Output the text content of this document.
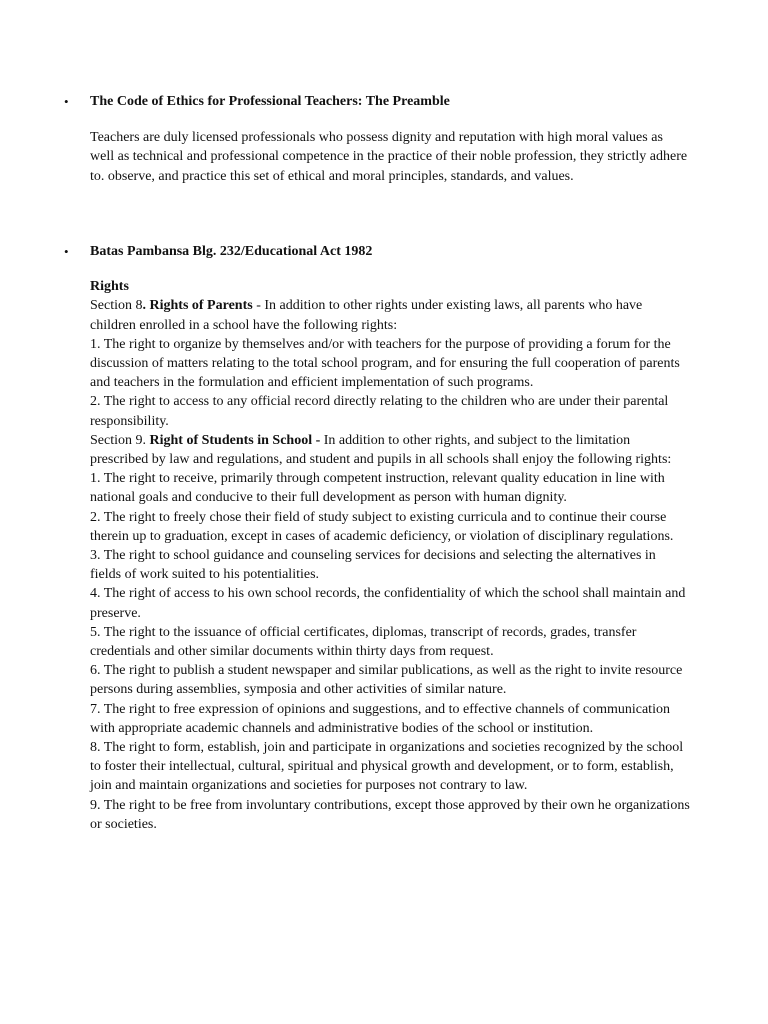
• The Code of Ethics for Professional Teachers: The Preamble

Teachers are duly licensed professionals who possess dignity and reputation with high moral values as well as technical and professional competence in the practice of their noble profession, they strictly adhere to. observe, and practice this set of ethical and moral principles, standards, and values.

• Batas Pambansa Blg. 232/Educational Act 1982

Rights

Section 8. Rights of Parents - In addition to other rights under existing laws, all parents who have children enrolled in a school have the following rights:

1. The right to organize by themselves and/or with teachers for the purpose of providing a forum for the discussion of matters relating to the total school program, and for ensuring the full cooperation of parents and teachers in the formulation and efficient implementation of such programs.

2. The right to access to any official record directly relating to the children who are under their parental responsibility.

Section 9. Right of Students in School - In addition to other rights, and subject to the limitation prescribed by law and regulations, and student and pupils in all schools shall enjoy the following rights:

1. The right to receive, primarily through competent instruction, relevant quality education in line with national goals and conducive to their full development as person with human dignity.

2. The right to freely chose their field of study subject to existing curricula and to continue their course therein up to graduation, except in cases of academic deficiency, or violation of disciplinary regulations.

3. The right to school guidance and counseling services for decisions and selecting the alternatives in fields of work suited to his potentialities.

4. The right of access to his own school records, the confidentiality of which the school shall maintain and preserve.

5. The right to the issuance of official certificates, diplomas, transcript of records, grades, transfer credentials and other similar documents within thirty days from request.

6. The right to publish a student newspaper and similar publications, as well as the right to invite resource persons during assemblies, symposia and other activities of similar nature.

7. The right to free expression of opinions and suggestions, and to effective channels of communication with appropriate academic channels and administrative bodies of the school or institution.

8. The right to form, establish, join and participate in organizations and societies recognized by the school to foster their intellectual, cultural, spiritual and physical growth and development, or to form, establish, join and maintain organizations and societies for purposes not contrary to law.

9. The right to be free from involuntary contributions, except those approved by their own he organizations or societies.
